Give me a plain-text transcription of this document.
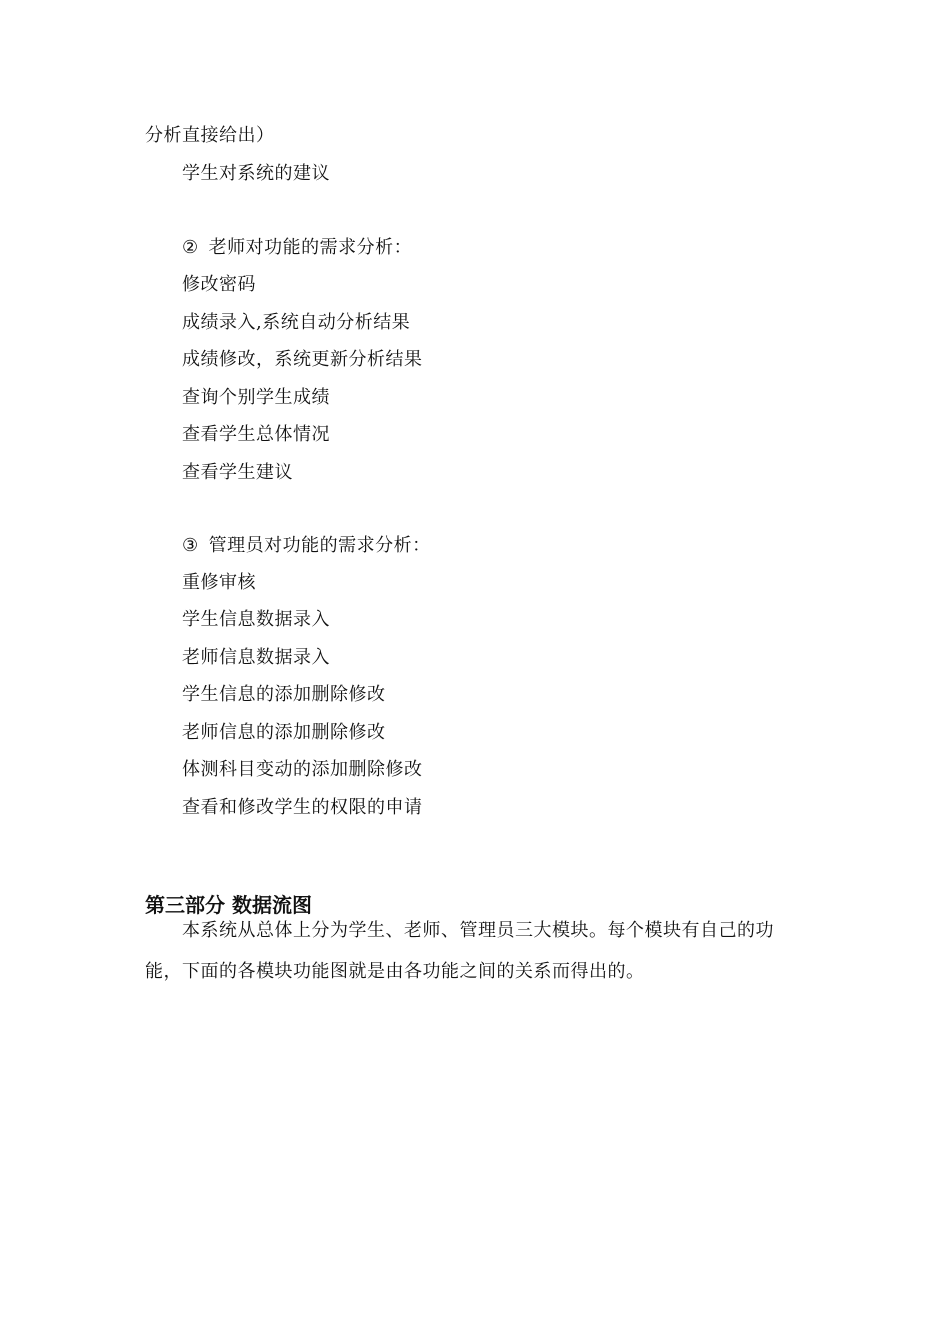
分析直接给出）
学生对系统的建议
② 老师对功能的需求分析：
修改密码
成绩录入,系统自动分析结果
成绩修改，系统更新分析结果
查询个别学生成绩
查看学生总体情况
查看学生建议
③ 管理员对功能的需求分析：
重修审核
学生信息数据录入
老师信息数据录入
学生信息的添加删除修改
老师信息的添加删除修改
体测科目变动的添加删除修改
查看和修改学生的权限的申请
第三部分 数据流图
本系统从总体上分为学生、老师、管理员三大模块。每个模块有自己的功
能，下面的各模块功能图就是由各功能之间的关系而得出的。
